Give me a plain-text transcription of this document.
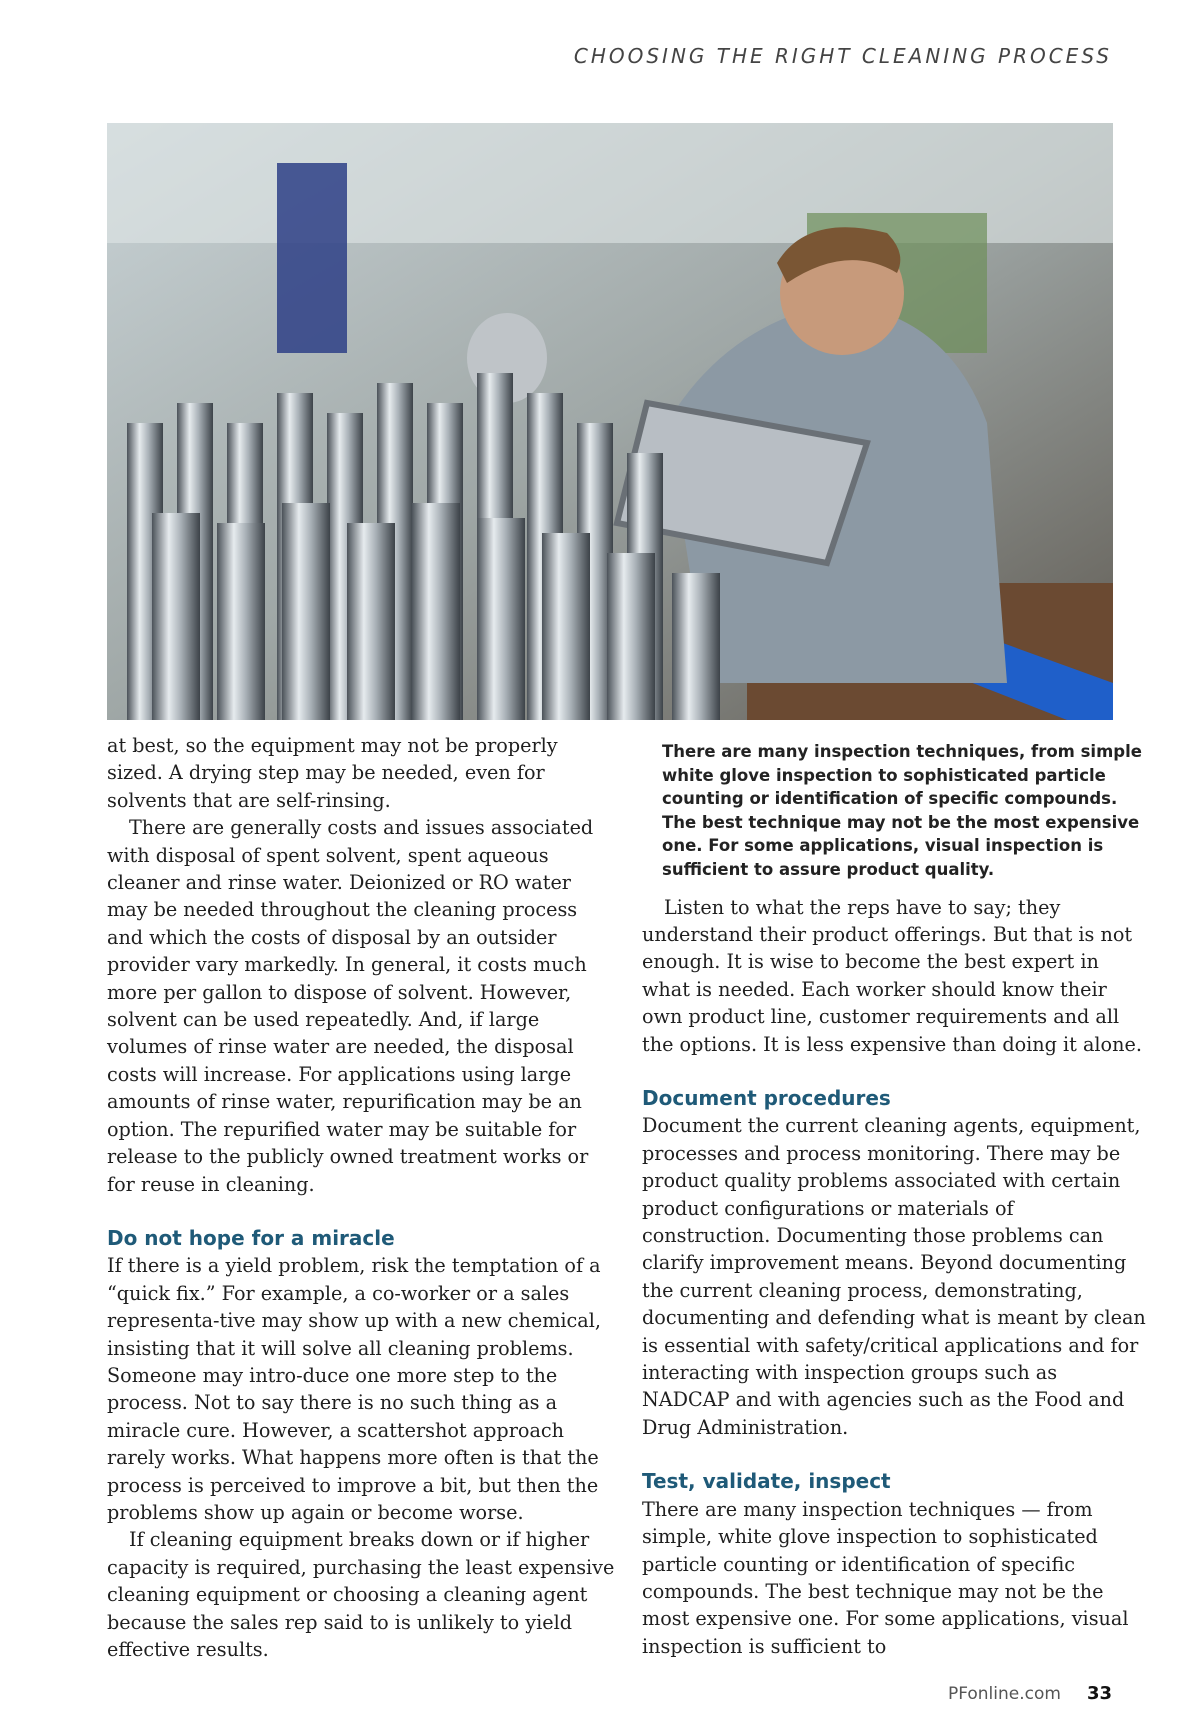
CHOOSING THE RIGHT CLEANING PROCESS

at best, so the equipment may not be properly sized. A drying step may be needed, even for solvents that are self-rinsing.

There are generally costs and issues associated with disposal of spent solvent, spent aqueous cleaner and rinse water. Deionized or RO water may be needed throughout the cleaning process and which the costs of disposal by an outsider provider vary markedly. In general, it costs much more per gallon to dispose of solvent. However, solvent can be used repeatedly. And, if large volumes of rinse water are needed, the disposal costs will increase. For applications using large amounts of rinse water, repurification may be an option. The repurified water may be suitable for release to the publicly owned treatment works or for reuse in cleaning.

Do not hope for a miracle

If there is a yield problem, risk the temptation of a “quick fix.” For example, a co-worker or a sales representa-tive may show up with a new chemical, insisting that it will solve all cleaning problems. Someone may intro-duce one more step to the process. Not to say there is no such thing as a miracle cure. However, a scattershot approach rarely works. What happens more often is that the process is perceived to improve a bit, but then the problems show up again or become worse.

If cleaning equipment breaks down or if higher capacity is required, purchasing the least expensive cleaning equipment or choosing a cleaning agent because the sales rep said to is unlikely to yield effective results.

There are many inspection techniques, from simple white glove inspection to sophisticated particle counting or identification of specific compounds. The best technique may not be the most expensive one. For some applications, visual inspection is sufficient to assure product quality.

Listen to what the reps have to say; they understand their product offerings. But that is not enough. It is wise to become the best expert in what is needed. Each worker should know their own product line, customer requirements and all the options. It is less expensive than doing it alone.

Document procedures

Document the current cleaning agents, equipment, processes and process monitoring. There may be product quality problems associated with certain product configurations or materials of construction. Documenting those problems can clarify improvement means. Beyond documenting the current cleaning process, demonstrating, documenting and defending what is meant by clean is essential with safety/critical applications and for interacting with inspection groups such as NADCAP and with agencies such as the Food and Drug Administration.

Test, validate, inspect

There are many inspection techniques — from simple, white glove inspection to sophisticated particle counting or identification of specific compounds. The best technique may not be the most expensive one. For some applications, visual inspection is sufficient to

PFonline.com 33
